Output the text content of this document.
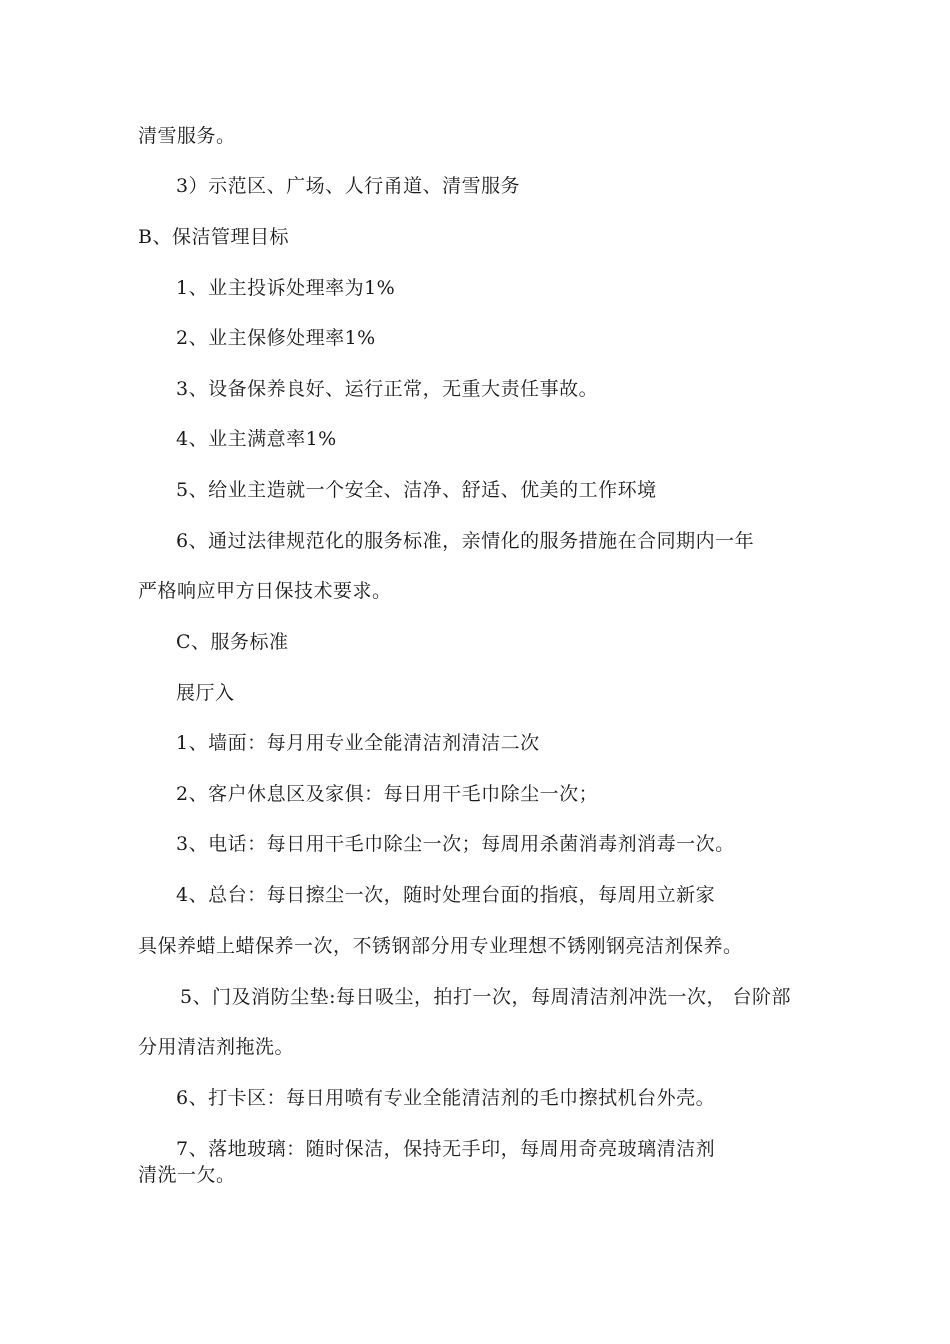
清雪服务。
3）示范区、广场、人行甬道、清雪服务
B、保洁管理目标
1、业主投诉处理率为1%
2、业主保修处理率1%
3、设备保养良好、运行正常，无重大责任事故。
4、业主满意率1%
5、给业主造就一个安全、洁净、舒适、优美的工作环境
6、通过法律规范化的服务标准，亲情化的服务措施在合同期内一年
严格响应甲方日保技术要求。
C、服务标准
展厅入
1、墙面：每月用专业全能清洁剂清洁二次
2、客户休息区及家俱：每日用干毛巾除尘一次；
3、电话：每日用干毛巾除尘一次；每周用杀菌消毒剂消毒一次。
4、总台：每日擦尘一次，随时处理台面的指痕，每周用立新家
具保养蜡上蜡保养一次，不锈钢部分用专业理想不锈刚钢亮洁剂保养。
5、门及消防尘垫:每日吸尘，拍打一次，每周清洁剂冲洗一次， 台阶部
分用清洁剂拖洗。
6、打卡区：每日用喷有专业全能清洁剂的毛巾擦拭机台外壳。
7、落地玻璃：随时保洁，保持无手印，每周用奇亮玻璃清洁剂
清洗一欠。
